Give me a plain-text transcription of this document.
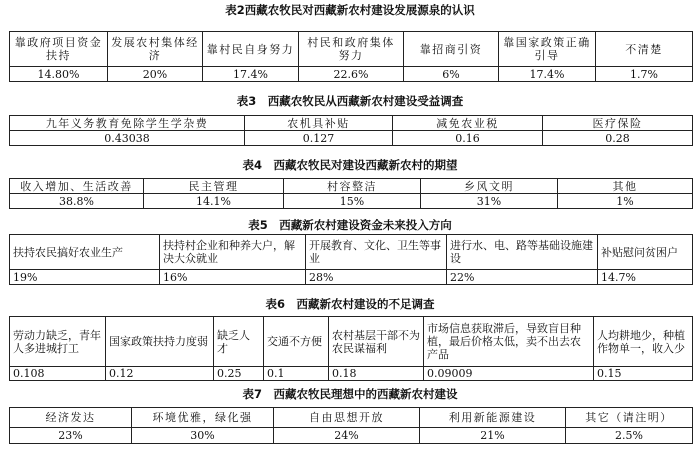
表2西藏农牧民对西藏新农村建设发展源泉的认识
靠政府项目资金扶持	发展农村集体经济	靠村民自身努力	村民和政府集体努力	靠招商引资	靠国家政策正确引导	不清楚
14.80%	20%	17.4%	22.6%	6%	17.4%	1.7%
表3　西藏农牧民从西藏新农村建设受益调查
九年义务教育免除学生学杂费	农机具补贴	减免农业税	医疗保险
0.43038	0.127	0.16	0.28
表4　西藏农牧民对建设西藏新农村的期望
收入增加、生活改善	民主管理	村容整洁	乡风文明	其他
38.8%	14.1%	15%	31%	1%
表5　西藏新农村建设资金未来投入方向
扶持农民搞好农业生产	扶持村企业和种养大户，解决大众就业	开展教育、文化、卫生等事业	进行水、电、路等基础设施建设	补贴慰问贫困户
19%	16%	28%	22%	14.7%
表6　西藏新农村建设的不足调查
劳动力缺乏，青年人多进城打工	国家政策扶持力度弱	缺乏人才	交通不方便	农村基层干部不为农民谋福利	市场信息获取滞后，导致盲目种植，最后价格太低，卖不出去农产品	人均耕地少，种植作物单一，收入少
0.108	0.12	0.25	0.1	0.18	0.09009	0.15
表7　西藏农牧民理想中的西藏新农村建设
经济发达	环境优雅，绿化强	自由思想开放	利用新能源建设	其它（请注明）
23%	30%	24%	21%	2.5%
